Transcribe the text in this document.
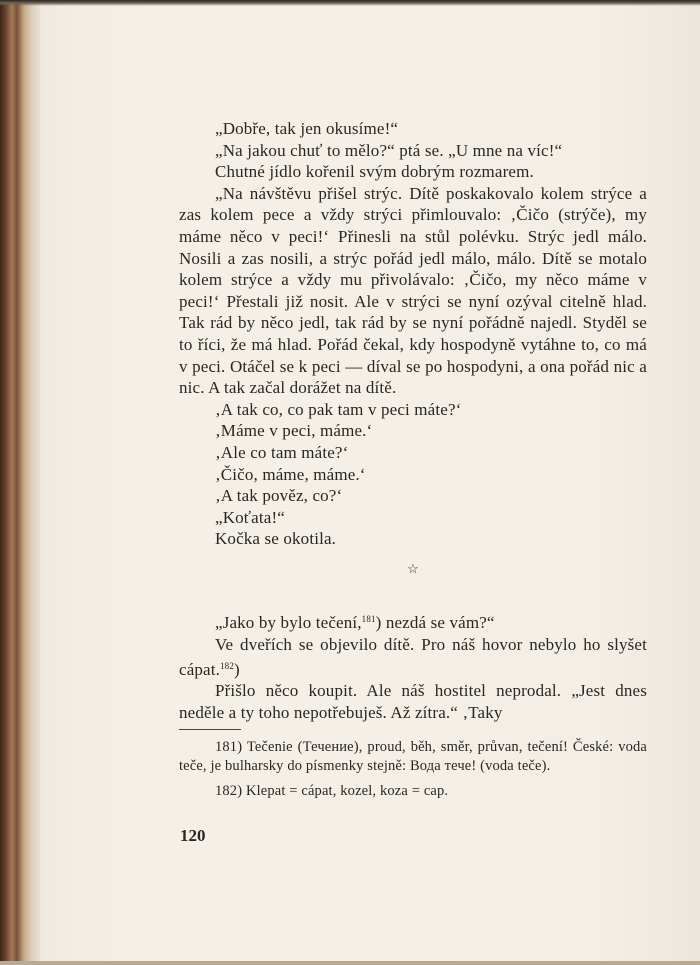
„Dobře, tak jen okusíme!“

„Na jakou chuť to mělo?“ ptá se. „U mne na víc!“

Chutné jídlo kořenil svým dobrým rozmarem.

„Na návštěvu přišel strýc. Dítě poskakovalo kolem strýce a zas kolem pece a vždy strýci přimlouvalo: ‚Čičo (strýče), my máme něco v peci!‘ Přinesli na stůl polévku. Strýc jedl málo. Nosili a zas nosili, a strýc pořád jedl málo, málo. Dítě se motalo kolem strýce a vždy mu přivolávalo: ‚Čičo, my něco máme v peci!‘ Přestali již nosit. Ale v strýci se nyní ozýval citelně hlad. Tak rád by něco jedl, tak rád by se nyní pořádně najedl. Styděl se to říci, že má hlad. Pořád čekal, kdy hospodyně vytáhne to, co má v peci. Otáčel se k peci — díval se po hospodyni, a ona pořád nic a nic. A tak začal dorážet na dítě.

‚A tak co, co pak tam v peci máte?‘

‚Máme v peci, máme.‘

‚Ale co tam máte?‘

‚Čičo, máme, máme.‘

‚A tak pověz, co?‘

„Koťata!“

Kočka se okotila.

☆

„Jako by bylo tečení,$^{181}$) nezdá se vám?“

Ve dveřích se objevilo dítě. Pro náš hovor nebylo ho slyšet cápat.$^{182}$)

Přišlo něco koupit. Ale náš hostitel neprodal. „Jest dnes neděle a ty toho nepotřebuješ. Až zítra.“ ‚Taky

181) Tečenie (Течение), proud, běh, směr, průvan, tečení! České: voda teče, je bulharsky do písmenky stejně: Вода тече! (voda teče).

182) Klepat = cápat, kozel, koza = cap.

120
